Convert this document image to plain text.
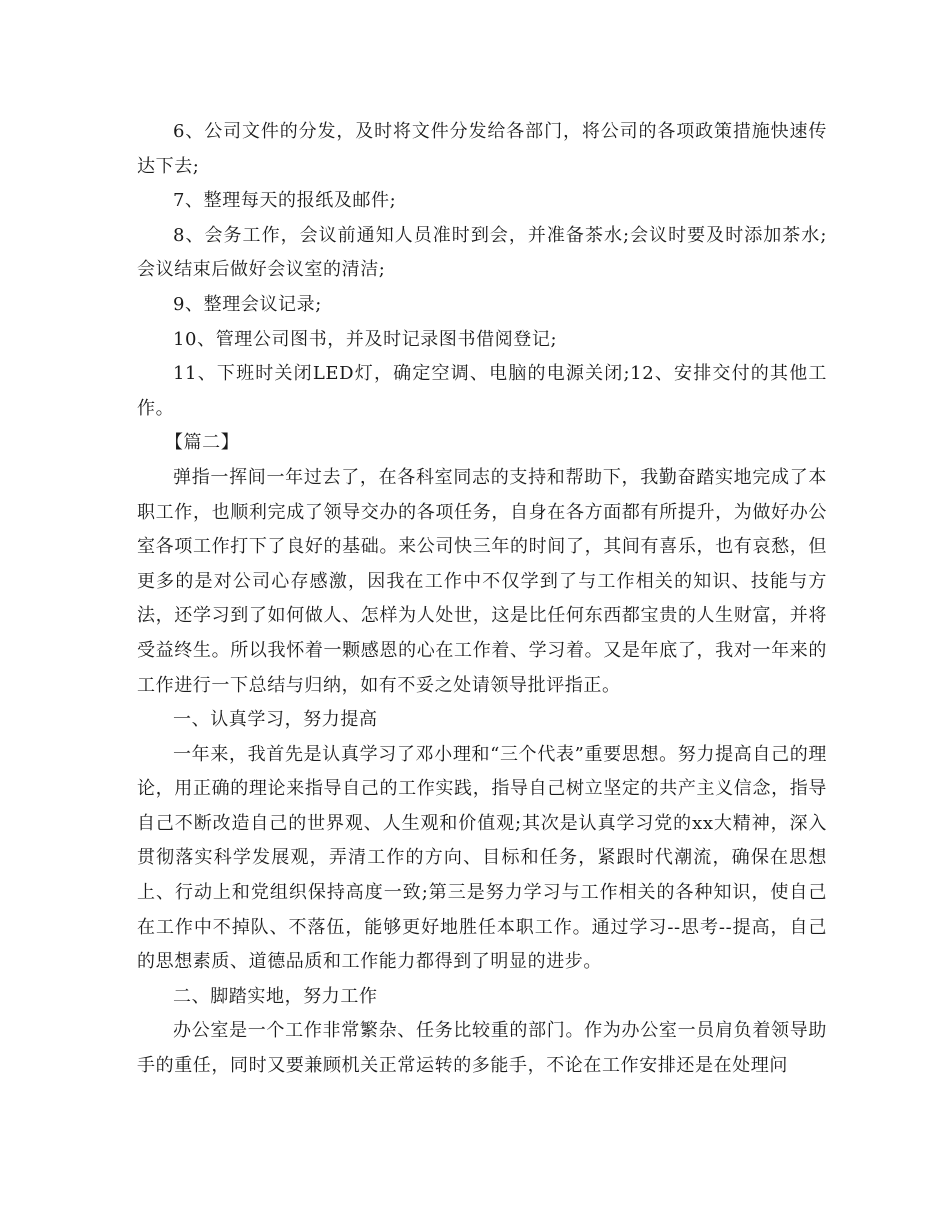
6、公司文件的分发，及时将文件分发给各部门，将公司的各项政策措施快速传达下去;

7、整理每天的报纸及邮件;

8、会务工作，会议前通知人员准时到会，并准备茶水;会议时要及时添加茶水;会议结束后做好会议室的清洁;

9、整理会议记录;

10、管理公司图书，并及时记录图书借阅登记;

11、下班时关闭LED灯，确定空调、电脑的电源关闭;12、安排交付的其他工作。

【篇二】

弹指一挥间一年过去了，在各科室同志的支持和帮助下，我勤奋踏实地完成了本职工作，也顺利完成了领导交办的各项任务，自身在各方面都有所提升，为做好办公室各项工作打下了良好的基础。来公司快三年的时间了，其间有喜乐，也有哀愁，但更多的是对公司心存感激，因我在工作中不仅学到了与工作相关的知识、技能与方法，还学习到了如何做人、怎样为人处世，这是比任何东西都宝贵的人生财富，并将受益终生。所以我怀着一颗感恩的心在工作着、学习着。又是年底了，我对一年来的工作进行一下总结与归纳，如有不妥之处请领导批评指正。

一、认真学习，努力提高

一年来，我首先是认真学习了邓小理和“三个代表”重要思想。努力提高自己的理论，用正确的理论来指导自己的工作实践，指导自己树立坚定的共产主义信念，指导自己不断改造自己的世界观、人生观和价值观;其次是认真学习党的xx大精神，深入贯彻落实科学发展观，弄清工作的方向、目标和任务，紧跟时代潮流，确保在思想上、行动上和党组织保持高度一致;第三是努力学习与工作相关的各种知识，使自己在工作中不掉队、不落伍，能够更好地胜任本职工作。通过学习--思考--提高，自己的思想素质、道德品质和工作能力都得到了明显的进步。

二、脚踏实地，努力工作

办公室是一个工作非常繁杂、任务比较重的部门。作为办公室一员肩负着领导助手的重任，同时又要兼顾机关正常运转的多能手，不论在工作安排还是在处理问
